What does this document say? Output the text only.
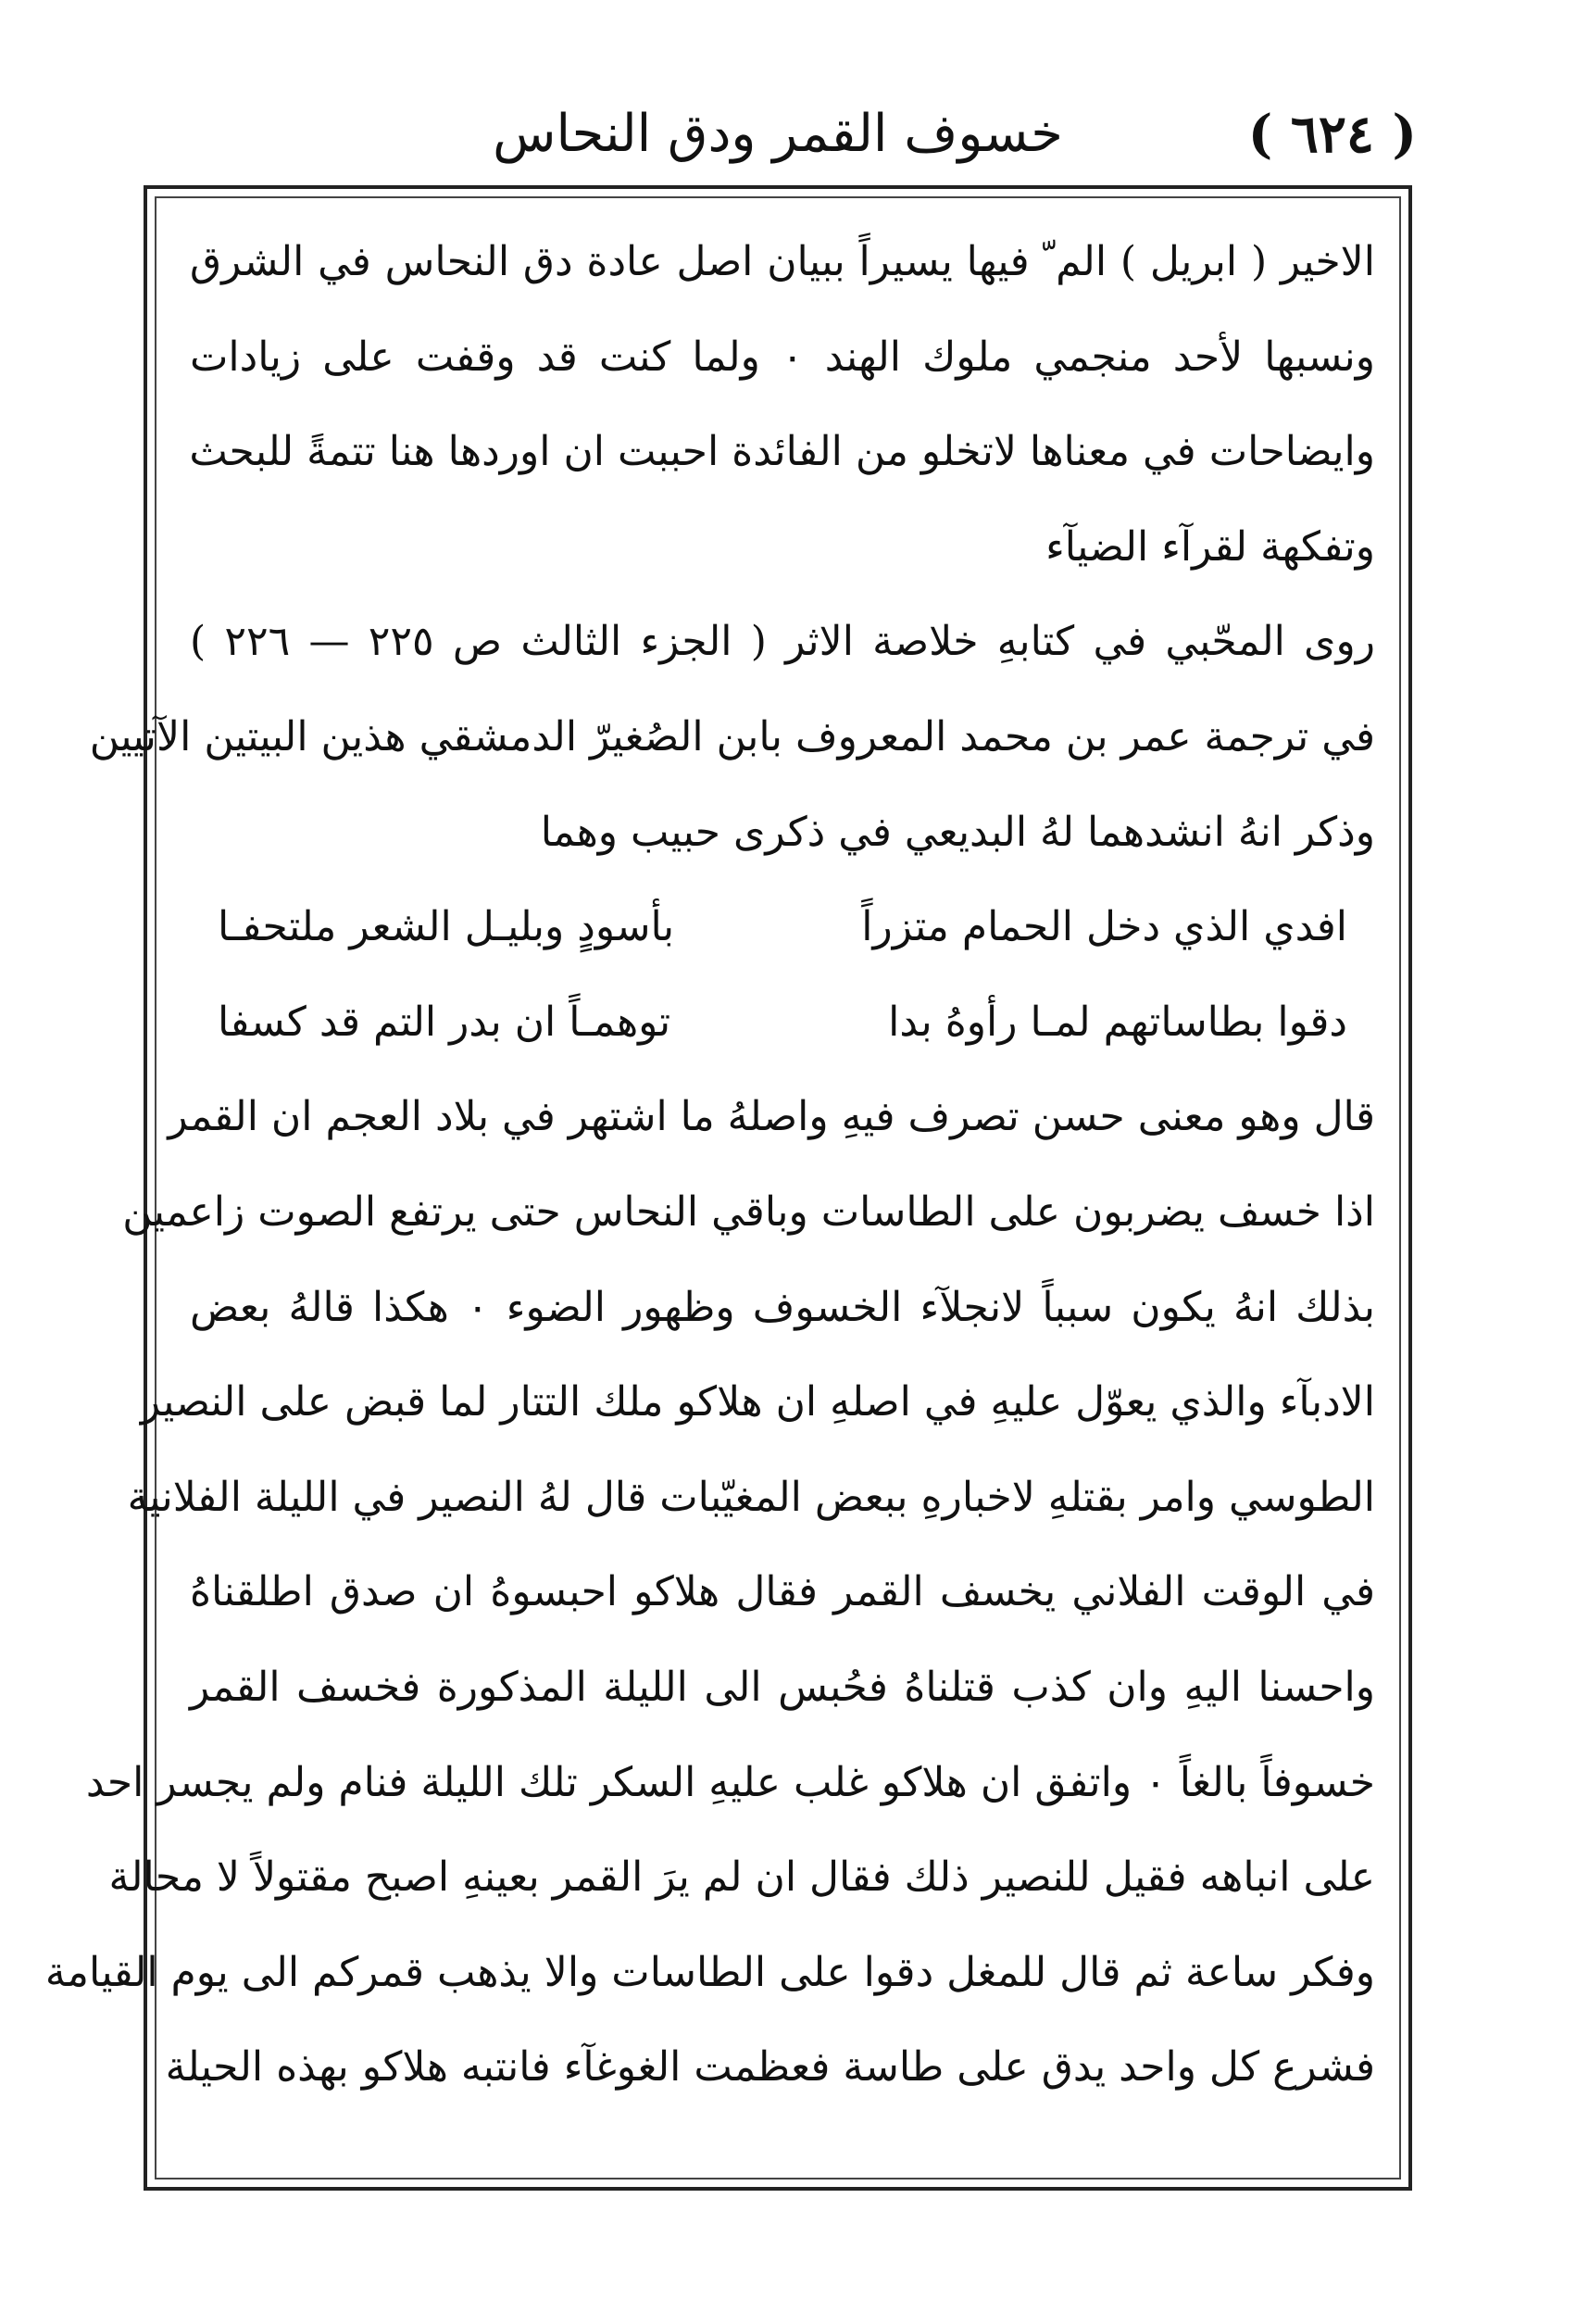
( ٦٢٤ )
خسوف القمر ودق النحاس
الاخير ( ابريل ) الم ّ فيها يسيراً ببيان اصل عادة دق النحاس في الشرق
ونسبها لأحد منجمي ملوك الهند ٠ ولما كنت قد وقفت على زيادات
وايضاحات في معناها لاتخلو من الفائدة احببت ان اوردها هنا تتمةً للبحث
وتفكهة لقرآء الضيآء
روى المحّبي في كتابهِ خلاصة الاثر ( الجزء الثالث ص ٢٢٥ — ٢٢٦ )
في ترجمة عمر بن محمد المعروف بابن الصُغيرّ الدمشقي هذين البيتين الآتيين
وذكر انهُ انشدهما لهُ البديعي في ذكرى حبيب وهما
افدي الذي دخل الحمام متزراً
بأسودٍ وبليـل الشعر ملتحفـا
دقوا بطاساتهم لمـا رأوهُ بدا
توهمـاً ان بدر التم قد كسفا
قال وهو معنى حسن تصرف فيهِ واصلهُ ما اشتهر في بلاد العجم ان القمر
اذا خسف يضربون على الطاسات وباقي النحاس حتى يرتفع الصوت زاعمين
بذلك انهُ يكون سبباً لانجلآء الخسوف وظهور الضوء ٠ هكذا قالهُ بعض
الادبآء والذي يعوّل عليهِ في اصلهِ ان هلاكو ملك التتار لما قبض على النصير
الطوسي وامر بقتلهِ لاخبارهِ ببعض المغيّبات قال لهُ النصير في الليلة الفلانية
في الوقت الفلاني يخسف القمر فقال هلاكو احبسوهُ ان صدق اطلقناهُ
واحسنا اليهِ وان كذب قتلناهُ فحُبس الى الليلة المذكورة فخسف القمر
خسوفاً بالغاً ٠ واتفق ان هلاكو غلب عليهِ السكر تلك الليلة فنام ولم يجسر احد
على انباهه فقيل للنصير ذلك فقال ان لم يرَ القمر بعينهِ اصبح مقتولاً لا محالة
وفكر ساعة ثم قال للمغل دقوا على الطاسات والا يذهب قمركم الى يوم القيامة
فشرع كل واحد يدق على طاسة فعظمت الغوغآء فانتبه هلاكو بهذه الحيلة
